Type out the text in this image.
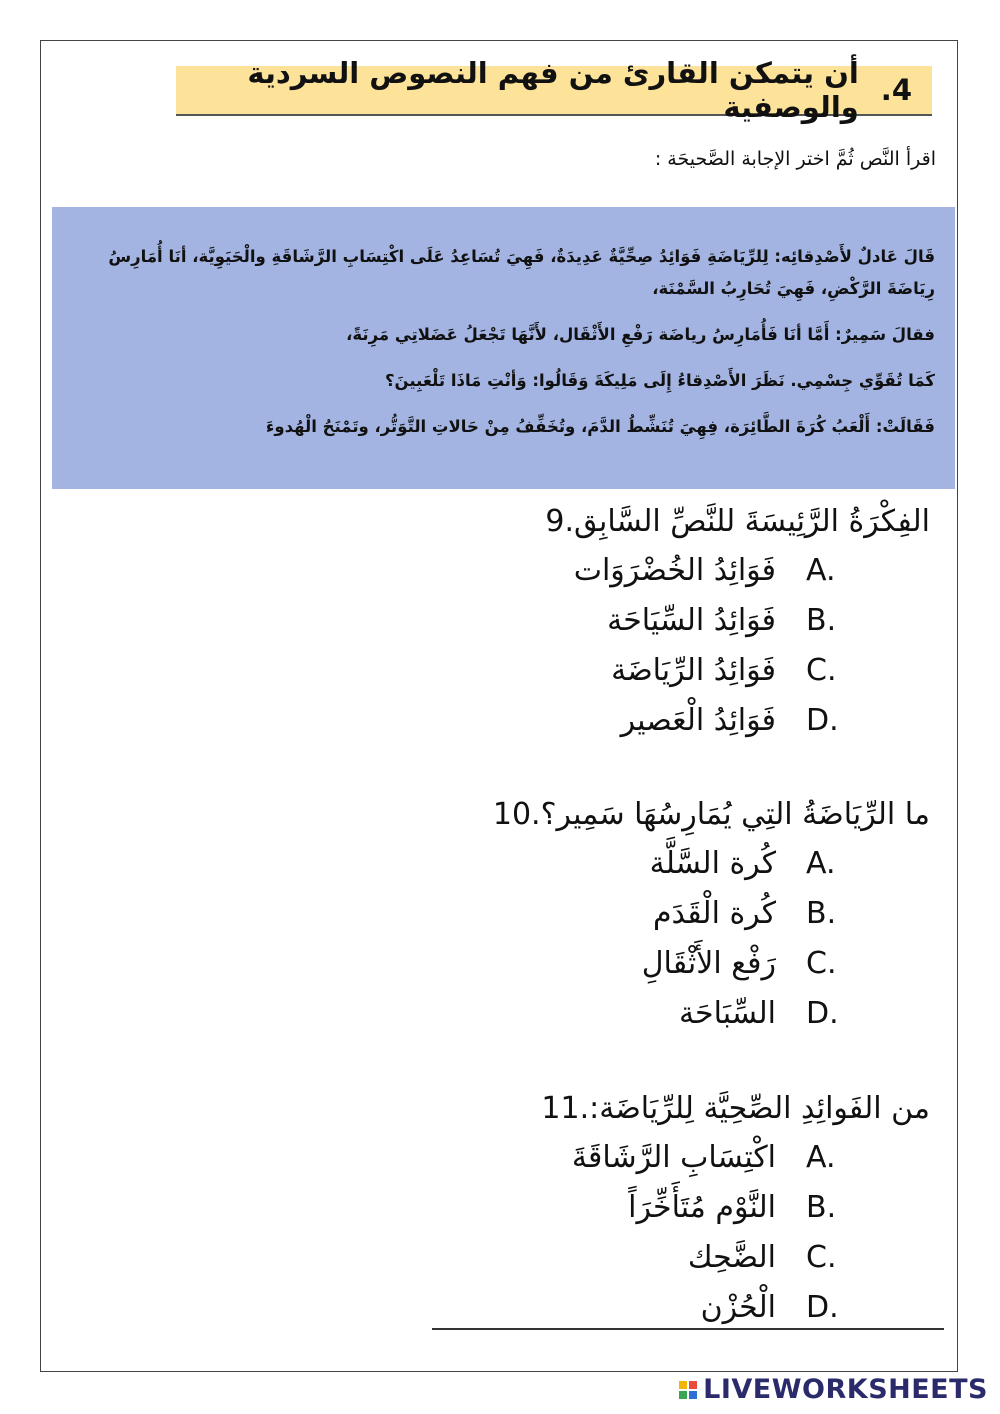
4.
أن يتمكن القارئ من فهم النصوص السردية والوصفية
اقرأ النَّص ثُمَّ اختر الإجابة الصَّحيحَة :

قَالَ عَادلٌ لأَصْدِقائِه: لِلرِّيَاضَةِ فَوَائِدُ صِحِّيَّةٌ عَدِيدَةٌ، فَهِيَ تُسَاعِدُ عَلَى اكْتِسَابِ الرَّشَاقَةِ والْحَيَوِيَّة، أنَا أُمَارِسُ رِيَاضَةَ الرَّكْضِ، فَهِيَ تُحَارِبُ السَّمْنَة،

فقالَ سَمِيرٌ: أَمَّا أنَا فَأُمَارِسُ رياضَة رَفْعِ الأَثْقَال، لأَنَّهَا تَجْعَلُ عَضَلاتِي مَرِنَةً،

كَمَا تُقَوِّي جِسْمِي. نَظَرَ الأَصْدِقاءُ إِلَى مَلِيكَةَ وَقَالُوا: وَأنْتِ مَاذَا تَلْعَبِينَ؟

فَقَالَتْ: أَلْعَبُ كُرَةَ الطَّائِرَة، فِهِيَ تُنَشِّطُ الدَّمَ، وتُخَفِّفُ مِنْ حَالاتِ التَّوَتُّر، وتَمْنَحُ الْهُدوءَ

9. الفِكْرَةُ الرَّئِيسَةَ للنَّصِّ السَّابِق
A.
فَوَائِدُ الخُضْرَوَات
B.
فَوَائِدُ السِّيَاحَة
C.
فَوَائِدُ الرِّيَاضَة
D.
فَوَائِدُ الْعَصير
10. ما الرِّيَاضَةُ التِي يُمَارِسُهَا سَمِير؟
A.
كُرة السَّلَّة
B.
كُرة الْقَدَم
C.
رَفْع الأَثْقَالِ
D.
السِّبَاحَة
11. من الفَوائِدِ الصِّحِيَّة لِلرِّيَاضَة:
A.
اكْتِسَابِ الرَّشَاقَةَ
B.
النَّوْم مُتَأَخِّرَاً
C.
الضَّحِك
D.
الْحُزْن
LIVEWORKSHEETS
